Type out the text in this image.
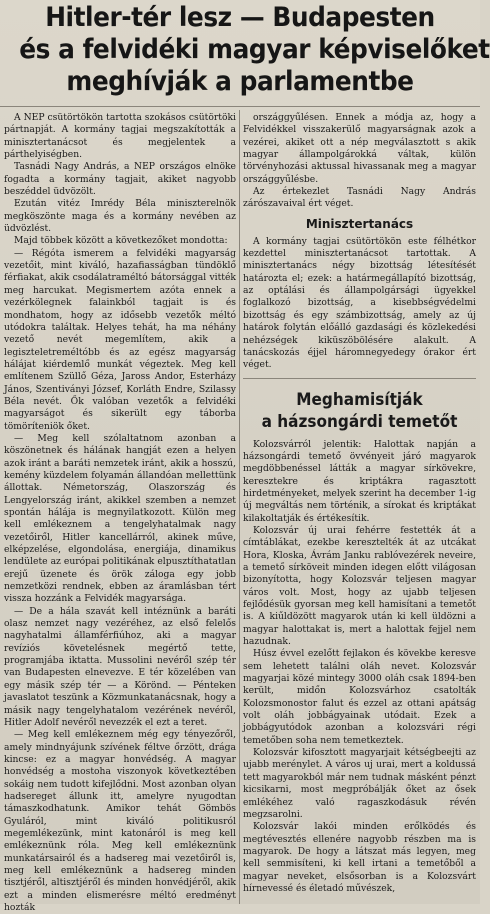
Hitler-tér lesz — Budapesten
és a felvidéki magyar képviselőket
meghívják a parlamentbe

A NEP csütörtökön tartotta szokásos csütörtöki pártnapját. A kormány tagjai megszakították a minisztertanácsot és megjelentek a párthelyiségben.

Tasnádi Nagy András, a NEP országos elnöke fogadta a kormány tagjait, akiket nagyobb beszéddel üdvözölt.

Ezután vitéz Imrédy Béla miniszterelnök megköszönte maga és a kormány nevében az üdvözlést.

Majd többek között a következőket mondotta:

— Régóta ismerem a felvidéki magyarság vezetőit, mint kiváló, hazafiasságban tündöklő férfiakat, akik csodálatraméltó bátorsággal vitték meg harcukat. Megismertem azóta ennek a vezérkölegnek falainkból tagjait is és mondhatom, hogy az idősebb vezetők méltó utódokra találtak. Helyes tehát, ha ma néhány vezető nevét megemlítem, akik a legiszteletreméltóbb és az egész magyarság hálájat kiérdemlő munkát végeztek. Meg kell említenem Szüllő Géza, Jaross Andor, Esterházy János, Szentiványi József, Korláth Endre, Szilassy Béla nevét. Ők valóban vezetők a felvidéki magyarságot és sikerült egy táborba tömöríteniök őket.

— Meg kell szólaltatnom azonban a köszönetnek és hálának hangját ezen a helyen azok iránt a baráti nemzetek iránt, akik a hosszú, kemény küzdelem folyamán állandóan mellettünk állottak. Németország, Olaszország és Lengyelország iránt, akikkel szemben a nemzet spontán hálája is megnyilatkozott. Külön meg kell emlékeznem a tengelyhatalmak nagy vezetőiről, Hitler kancellárról, akinek műve, elképzelése, elgondolása, energiája, dinamikus lendülete az európai politikának elpusztíthatatlan erejű üzenete és örök záloga egy jobb nemzetközi rendnek, ebben az áramlásban tért vissza hozzánk a Felvidék magyarsága.

— De a hála szavát kell intéznünk a baráti olasz nemzet nagy vezéréhez, az első felelős nagyhatalmi államférfiúhoz, aki a magyar revíziós követelésnek megértő tette, programjába iktatta. Mussolini nevéről szép tér van Budapesten elnevezve. E tér közelében van egy másik szép tér — a Körönd. — Pénteken javaslatot teszünk a Közmunkatanácsnak, hogy a másik nagy tengelyhatalom vezérének nevéről, Hitler Adolf nevéről nevezzék el ezt a teret.

— Meg kell emlékeznem még egy tényezőről, amely mindnyájunk szívének féltve őrzött, drága kincse: ez a magyar honvédség. A magyar honvédség a mostoha viszonyok következtében sokáig nem tudott kifejlődni. Most azonban olyan hadsereget állunk itt, amelyre nyugodtan támaszkodhatunk. Amikor tehát Gömbös Gyuláról, mint kiváló politikusról megemlékezünk, mint katonáról is meg kell emlékeznünk róla. Meg kell emlékeznünk munkatársairól és a hadsereg mai vezetőiről is, meg kell emlékeznünk a hadsereg minden tisztjéről, altisztjéről és minden honvédjéről, akik ezt a minden elismerésre méltó eredményt hozták

országgyűlésen. Ennek a módja az, hogy a Felvidékkel visszakerülő magyarságnak azok a vezérei, akiket ott a nép megválasztott s akik magyar állampolgárokká váltak, külön törvényhozási aktussal hivassanak meg a magyar országgyűlésbe.

Az értekezlet Tasnádi Nagy András zárószavaival ért véget.

Minisztertanács

A kormány tagjai csütörtökön este félhétkor kezdettel minisztertanácsot tartottak. A minisztertanács négy bizottság létesítését határozta el; ezek: a határmegállapító bizottság, az optálási és állampolgársági ügyekkel foglalkozó bizottság, a kisebbségvédelmi bizottság és egy számbizottság, amely az új határok folytán előálló gazdasági és közlekedési nehézségek kiküszöbölésére alakult. A tanácskozás éjjel háromnegyedegy órakor ért véget.

Meghamisítják
a házsongárdi temetőt

Kolozsvárról jelentik: Halottak napján a házsongárdi temető övvényeit járó magyarok megdöbbenéssel látták a magyar sírkövekre, keresztekre és kriptákra ragasztott hirdetményeket, melyek szerint ha december 1-ig új megváltás nem történik, a sírokat és kriptákat kilakoltatják és értékesítik.

Kolozsvár új urai fehérre festették át a címtáblákat, ezekbe keresztelték át az utcákat Hora, Kloska, Ávrám Janku rablóvezérek neveire, a temető sírköveit minden idegen előtt világosan bizonyította, hogy Kolozsvár teljesen magyar város volt. Most, hogy az ujabb teljesen fejlődésük gyorsan meg kell hamisítani a temetőt is. A kiűldözött magyarok után ki kell üldözni a magyar halottakat is, mert a halottak fejjel nem hazudnak.

Húsz évvel ezelőtt fejlakon és kövekbe keresve sem lehetett találni oláh nevet. Kolozsvár magyarjai közé mintegy 3000 oláh csak 1894-ben került, midőn Kolozsvárhoz csatolták Kolozsmonostor falut és ezzel az ottani apátság volt oláh jobbágyainak utódait. Ezek a jobbágyutódok azonban a kolozsvári régi temetőben soha nem temetkeztek.

Kolozsvár kifosztott magyarjait kétségbeejti az ujabb merénylet. A város uj urai, mert a koldussá tett magyarokból már nem tudnak másként pénzt kicsikarni, most megpróbálják őket az ősek emlékéhez való ragaszkodásuk révén megzsarolni.

Kolozsvár lakói minden erőlködés és megtévesztés ellenére nagyobb részben ma is magyarok. De hogy a látszat más legyen, meg kell semmisíteni, ki kell irtani a temetőből a magyar neveket, elsősorban is a Kolozsvárt hírnevessé és életadó művészek,
